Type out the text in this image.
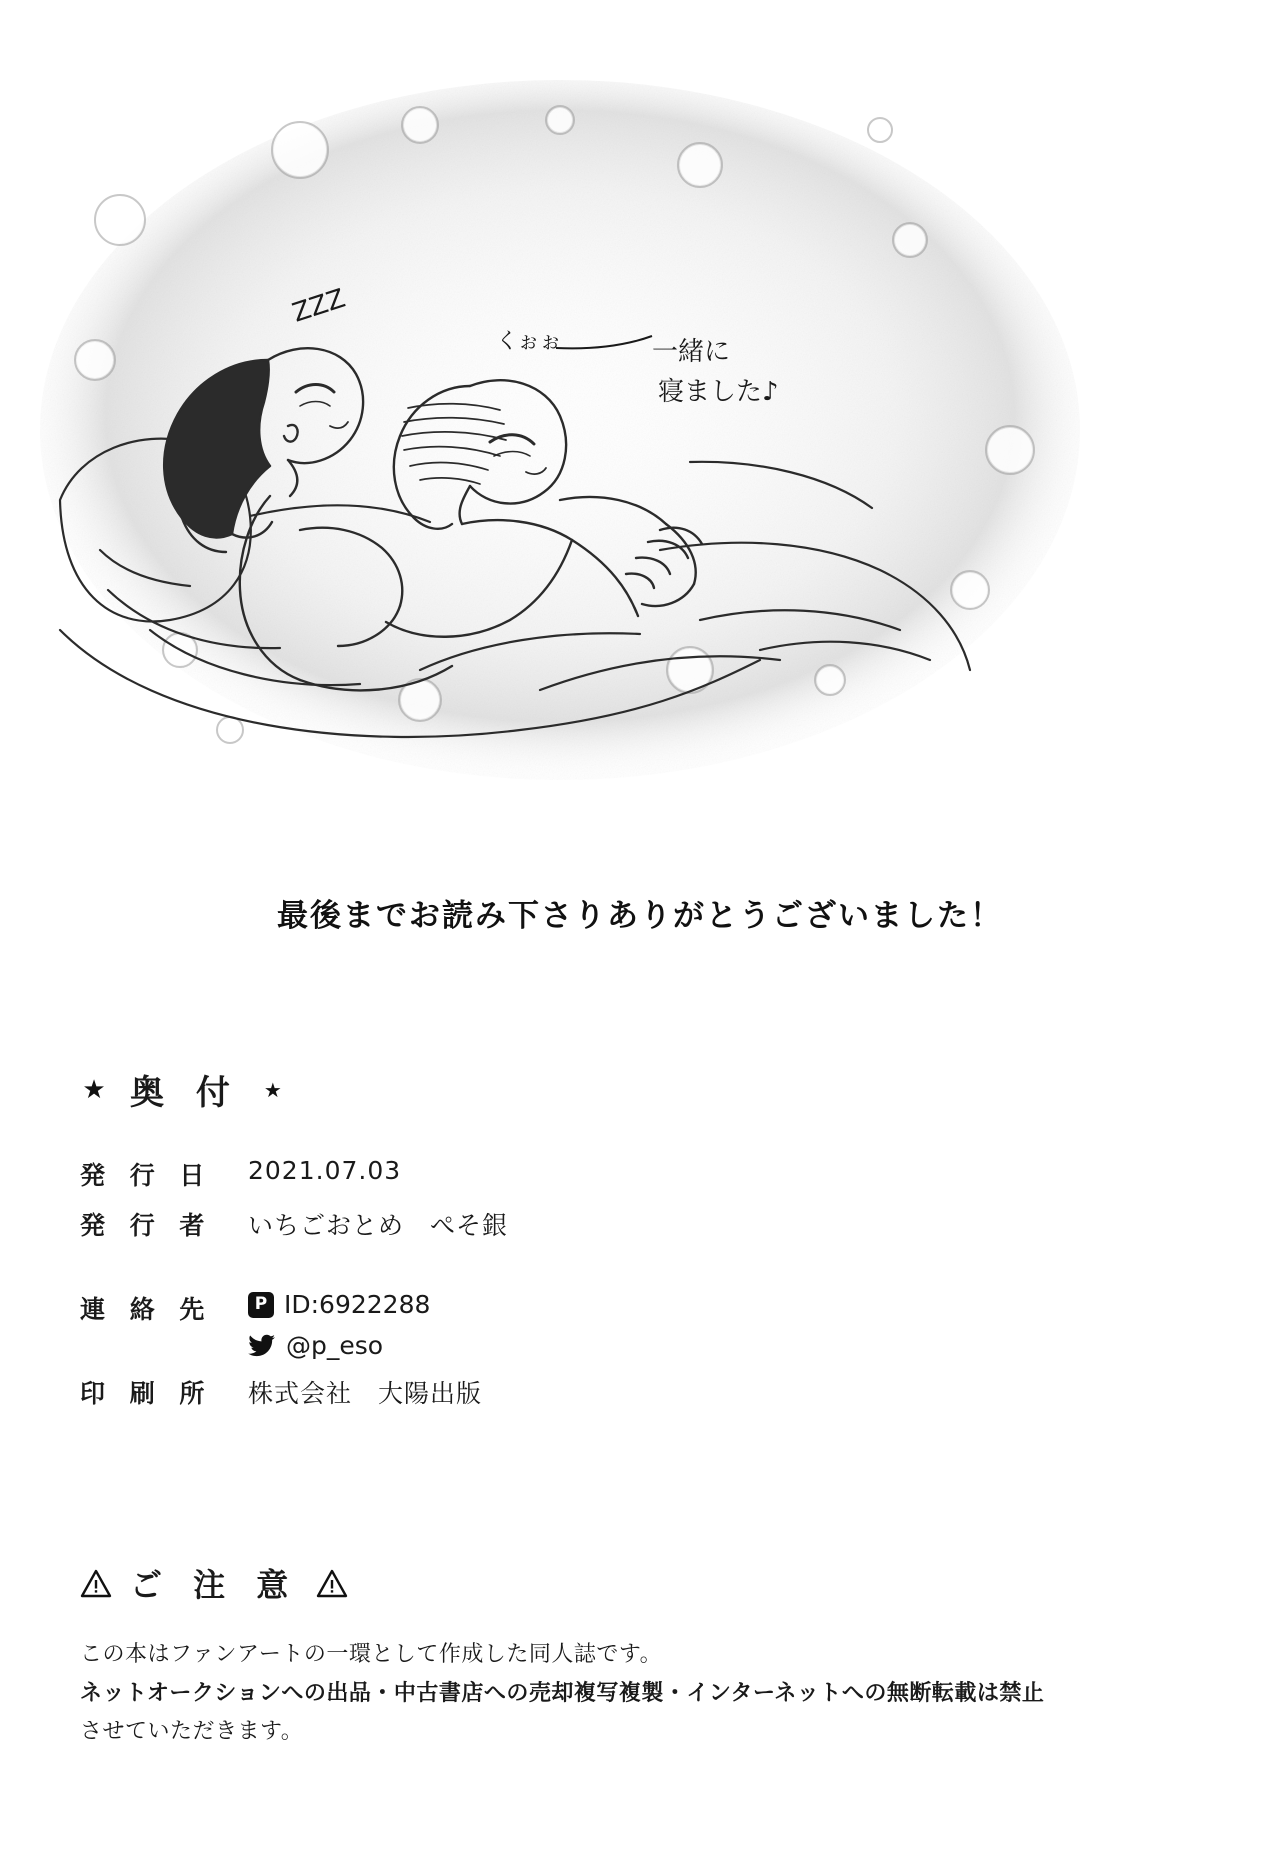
ZZZ
くぉぉ	一緒に
寝ました♪
最後までお読み下さりありがとうございました！
★ 奥 付 ★
発 行 日	2021.07.03
発 行 者	いちごおとめ　ぺそ銀
連 絡 先	P ID:6922288
@p_eso
印 刷 所	株式会社　大陽出版
ご 注 意

この本はファンアートの一環として作成した同人誌です。

ネットオークションへの出品・中古書店への売却複写複製・インターネットへの無断転載は禁止

させていただきます。
